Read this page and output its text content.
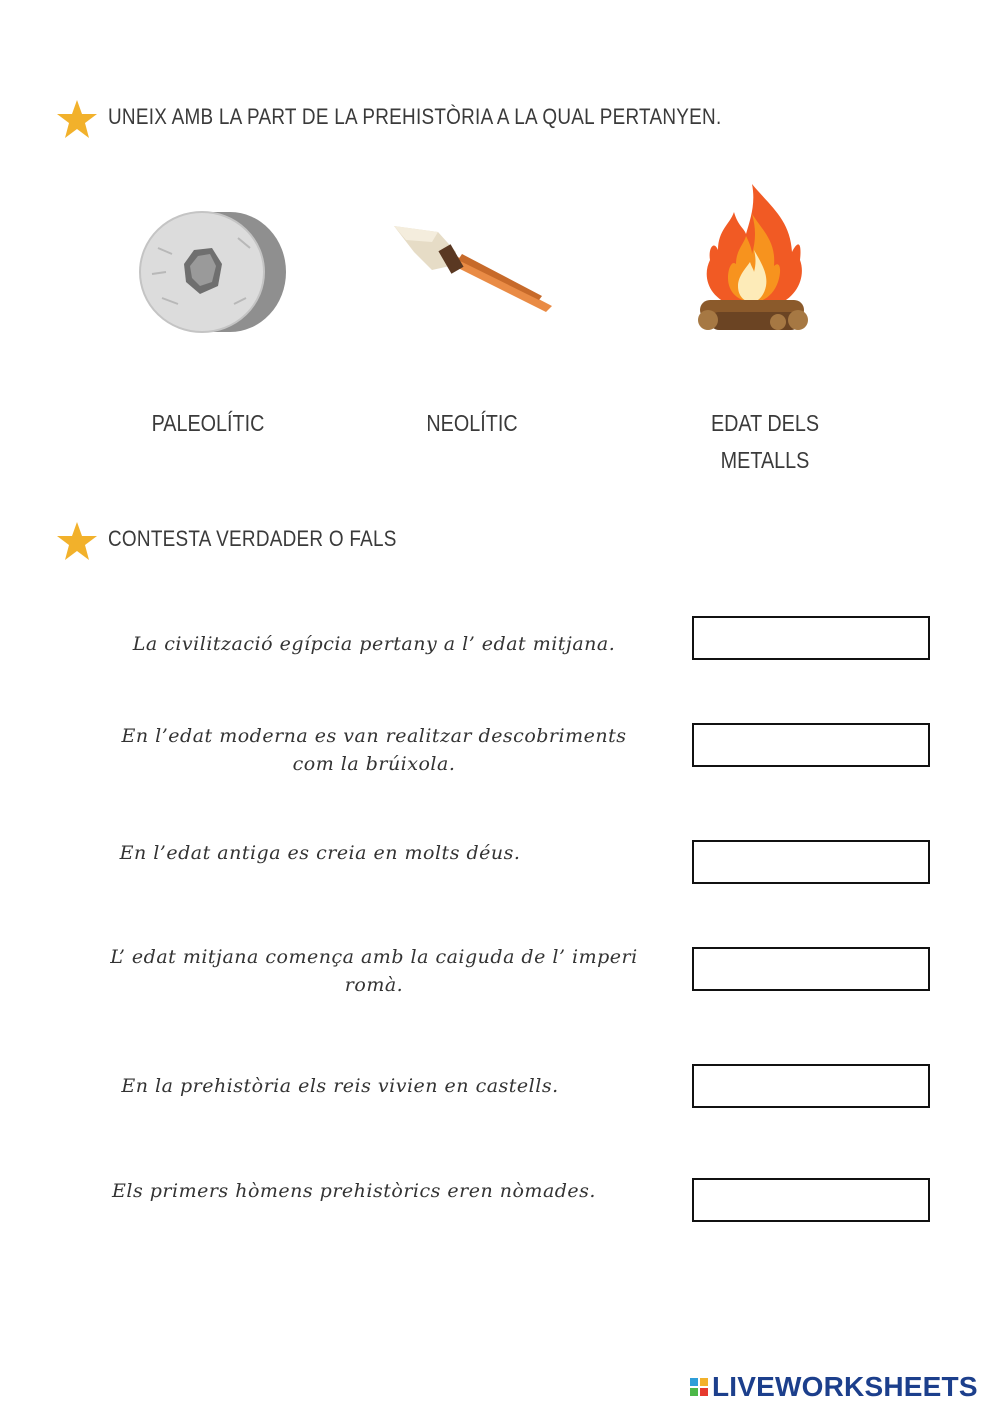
UNEIX AMB LA PART DE LA PREHISTÒRIA A LA QUAL PERTANYEN.
PALEOLÍTIC	NEOLÍTIC	EDAT DELS
METALLS
CONTESTA VERDADER O FALS
La civilització egípcia pertany a l’ edat mitjana.
En l’edat moderna es van realitzar descobriments
com la brúixola.
En l’edat antiga es creia en molts déus.
L’ edat mitjana comença amb la caiguda de l’ imperi
romà.
En la prehistòria els reis vivien en castells.
Els primers hòmens prehistòrics eren nòmades.
LIVEWORKSHEETS
